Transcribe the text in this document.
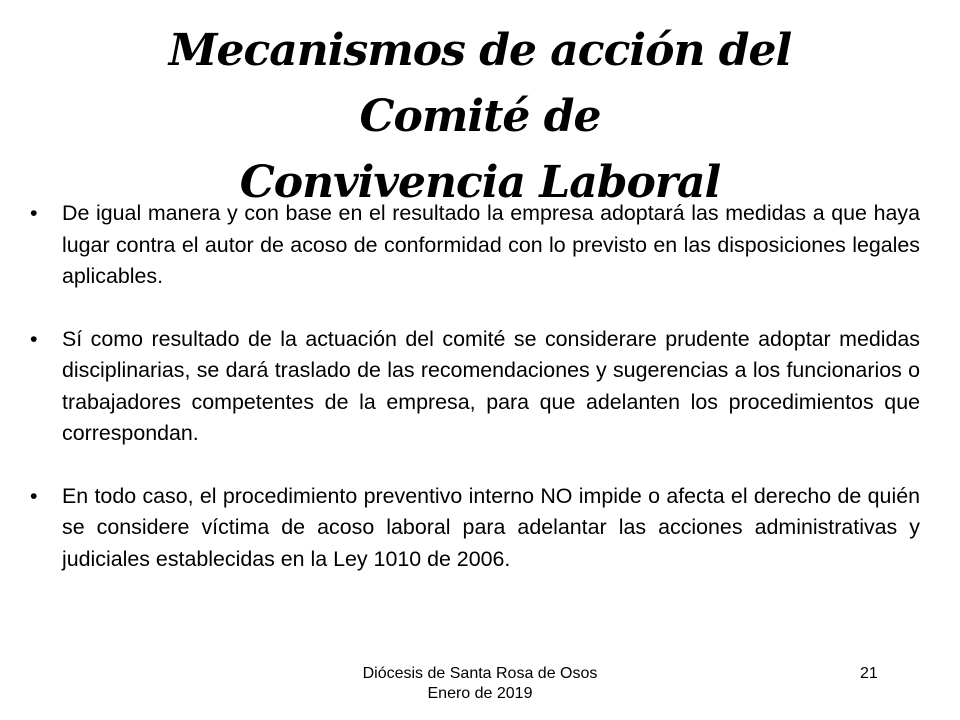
Mecanismos de acción del Comité de
Convivencia Laboral
• De igual manera y con base en el resultado la empresa adoptará las medidas a que haya lugar contra el autor de acoso de conformidad con lo previsto en las disposiciones legales aplicables.
• Sí como resultado de la actuación del comité se considerare prudente adoptar medidas disciplinarias, se dará traslado de las recomendaciones y sugerencias a los funcionarios o trabajadores competentes de la empresa, para que adelanten los procedimientos que correspondan.
• En todo caso, el procedimiento preventivo interno NO impide o afecta el derecho de quién se considere víctima de acoso laboral para adelantar las acciones administrativas y judiciales establecidas en la Ley 1010 de 2006.
Diócesis de Santa Rosa de Osos
Enero de 2019
21
